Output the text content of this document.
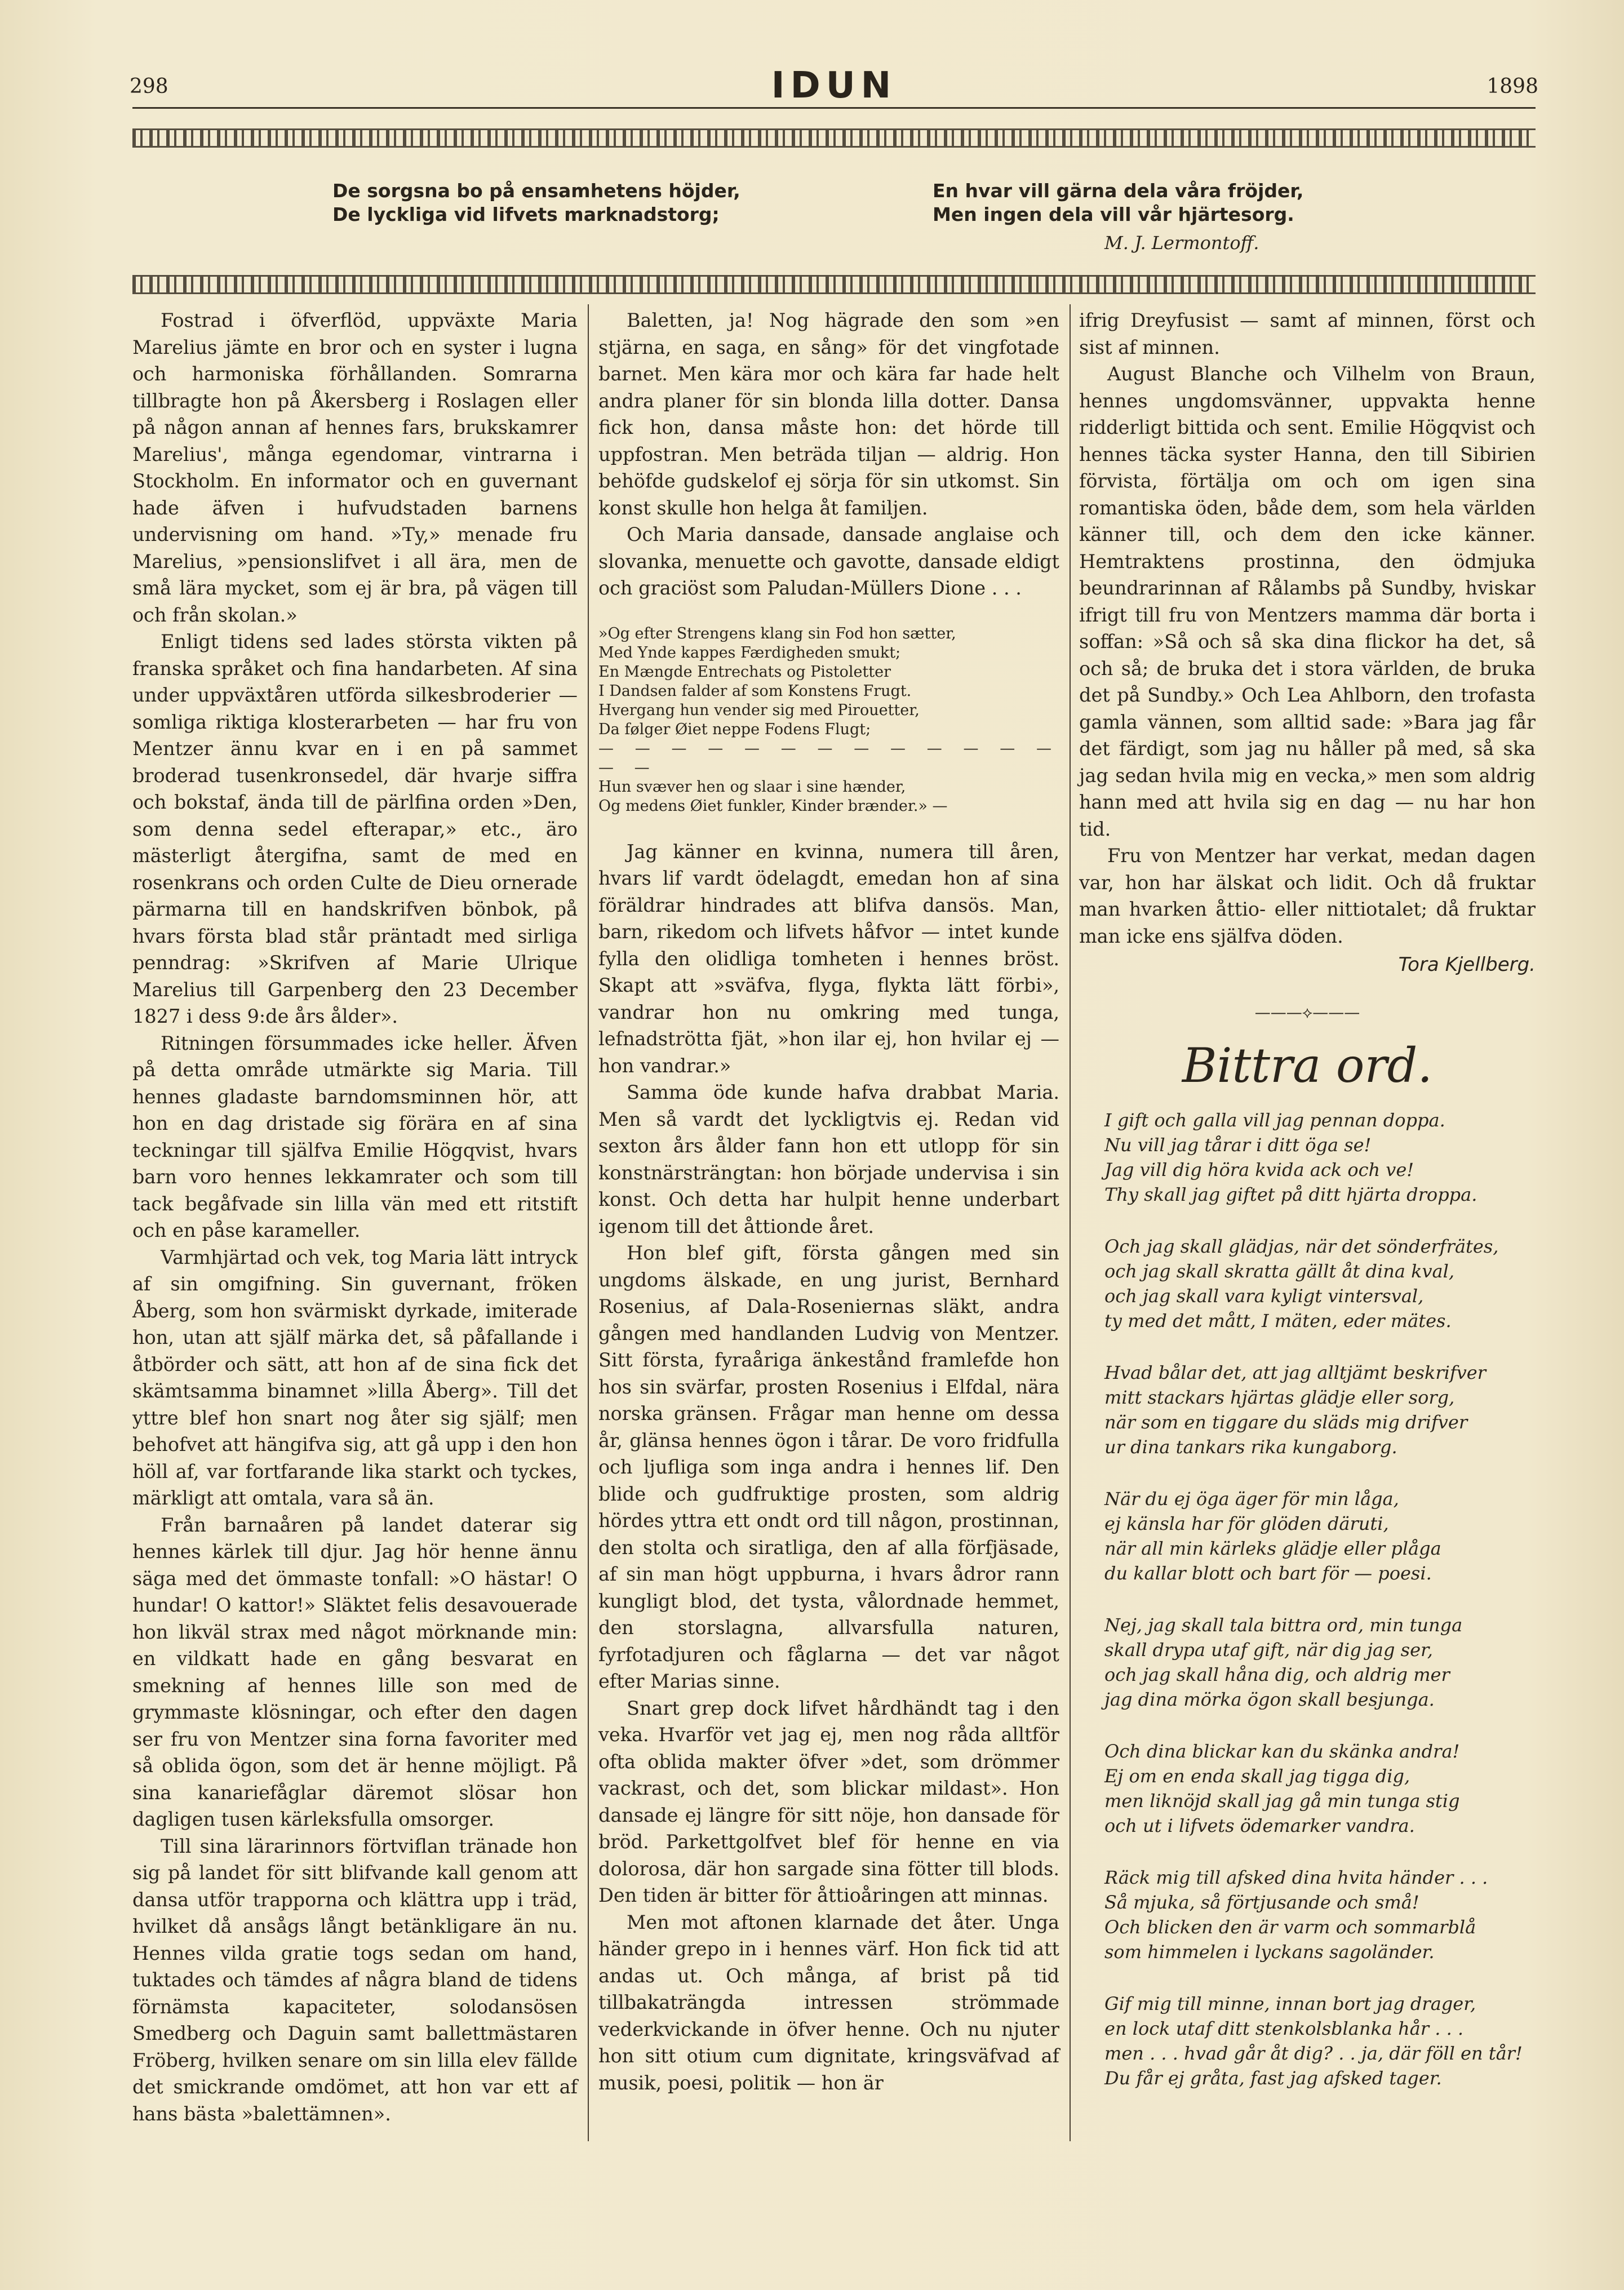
298	IDUN	1898
De sorgsna bo på ensamhetens höjder,
De lyckliga vid lifvets marknadstorg;
En hvar vill gärna dela våra fröjder,
Men ingen dela vill vår hjärtesorg.
M. J. Lermontoff.

Fostrad i öfverflöd, uppväxte Maria Marelius jämte en bror och en syster i lugna och harmoniska förhållanden. Somrarna tillbragte hon på Åkersberg i Roslagen eller på någon annan af hennes fars, brukskamrer Marelius', många egendomar, vintrarna i Stockholm. En informator och en guvernant hade äfven i hufvudstaden barnens undervisning om hand. »Ty,» menade fru Marelius, »pensionslifvet i all ära, men de små lära mycket, som ej är bra, på vägen till och från skolan.»

Enligt tidens sed lades största vikten på franska språket och fina handarbeten. Af sina under uppväxtåren utförda silkesbroderier — somliga riktiga klosterarbeten — har fru von Mentzer ännu kvar en i en på sammet broderad tusenkronsedel, där hvarje siffra och bokstaf, ända till de pärlfina orden »Den, som denna sedel efterapar,» etc., äro mästerligt återgifna, samt de med en rosenkrans och orden Culte de Dieu ornerade pärmarna till en handskrifven bönbok, på hvars första blad står präntadt med sirliga penndrag: »Skrifven af Marie Ulrique Marelius till Garpenberg den 23 December 1827 i dess 9:de års ålder».

Ritningen försummades icke heller. Äfven på detta område utmärkte sig Maria. Till hennes gladaste barndomsminnen hör, att hon en dag dristade sig förära en af sina teckningar till själfva Emilie Högqvist, hvars barn voro hennes lekkamrater och som till tack begåfvade sin lilla vän med ett ritstift och en påse karameller.

Varmhjärtad och vek, tog Maria lätt intryck af sin omgifning. Sin guvernant, fröken Åberg, som hon svärmiskt dyrkade, imiterade hon, utan att själf märka det, så påfallande i åtbörder och sätt, att hon af de sina fick det skämtsamma binamnet »lilla Åberg». Till det yttre blef hon snart nog åter sig själf; men behofvet att hängifva sig, att gå upp i den hon höll af, var fortfarande lika starkt och tyckes, märkligt att omtala, vara så än.

Från barnaåren på landet daterar sig hennes kärlek till djur. Jag hör henne ännu säga med det ömmaste tonfall: »O hästar! O hundar! O kattor!» Släktet felis desavouerade hon likväl strax med något mörknande min: en vildkatt hade en gång besvarat en smekning af hennes lille son med de grymmaste klösningar, och efter den dagen ser fru von Mentzer sina forna favoriter med så oblida ögon, som det är henne möjligt. På sina kanariefåglar däremot slösar hon dagligen tusen kärleksfulla omsorger.

Till sina lärarinnors förtviflan tränade hon sig på landet för sitt blifvande kall genom att dansa utför trapporna och klättra upp i träd, hvilket då ansågs långt betänkligare än nu. Hennes vilda gratie togs sedan om hand, tuktades och tämdes af några bland de tidens förnämsta kapaciteter, solodansösen Smedberg och Daguin samt ballettmästaren Fröberg, hvilken senare om sin lilla elev fällde det smickrande omdömet, att hon var ett af hans bästa »balettämnen».

Baletten, ja! Nog hägrade den som »en stjärna, en saga, en sång» för det vingfotade barnet. Men kära mor och kära far hade helt andra planer för sin blonda lilla dotter. Dansa fick hon, dansa måste hon: det hörde till uppfostran. Men beträda tiljan — aldrig. Hon behöfde gudskelof ej sörja för sin utkomst. Sin konst skulle hon helga åt familjen.

Och Maria dansade, dansade anglaise och slovanka, menuette och gavotte, dansade eldigt och graciöst som Paludan-Müllers Dione . . .

»Og efter Strengens klang sin Fod hon sætter,
Med Ynde kappes Færdigheden smukt;
En Mængde Entrechats og Pistoletter
I Dandsen falder af som Konstens Frugt.
Hvergang hun vender sig med Pirouetter,
Da følger Øiet neppe Fodens Flugt;
— — — — — — — — — — — — — — —
Hun svæver hen og slaar i sine hænder,
Og medens Øiet funkler, Kinder brænder.» —

Jag känner en kvinna, numera till åren, hvars lif vardt ödelagdt, emedan hon af sina föräldrar hindrades att blifva dansös. Man, barn, rikedom och lifvets håfvor — intet kunde fylla den olidliga tomheten i hennes bröst. Skapt att »sväfva, flyga, flykta lätt förbi», vandrar hon nu omkring med tunga, lefnadströtta fjät, »hon ilar ej, hon hvilar ej — hon vandrar.»

Samma öde kunde hafva drabbat Maria. Men så vardt det lyckligtvis ej. Redan vid sexton års ålder fann hon ett utlopp för sin konstnärsträngtan: hon började undervisa i sin konst. Och detta har hulpit henne underbart igenom till det åttionde året.

Hon blef gift, första gången med sin ungdoms älskade, en ung jurist, Bernhard Rosenius, af Dala-Roseniernas släkt, andra gången med handlanden Ludvig von Mentzer. Sitt första, fyraåriga änkestånd framlefde hon hos sin svärfar, prosten Rosenius i Elfdal, nära norska gränsen. Frågar man henne om dessa år, glänsa hennes ögon i tårar. De voro fridfulla och ljufliga som inga andra i hennes lif. Den blide och gudfruktige prosten, som aldrig hördes yttra ett ondt ord till någon, prostinnan, den stolta och siratliga, den af alla förfjäsade, af sin man högt uppburna, i hvars ådror rann kungligt blod, det tysta, vålordnade hemmet, den storslagna, allvarsfulla naturen, fyrfotadjuren och fåglarna — det var något efter Marias sinne.

Snart grep dock lifvet hårdhändt tag i den veka. Hvarför vet jag ej, men nog råda alltför ofta oblida makter öfver »det, som drömmer vackrast, och det, som blickar mildast». Hon dansade ej längre för sitt nöje, hon dansade för bröd. Parkettgolfvet blef för henne en via dolorosa, där hon sargade sina fötter till blods. Den tiden är bitter för åttioåringen att minnas.

Men mot aftonen klarnade det åter. Unga händer grepo in i hennes värf. Hon fick tid att andas ut. Och många, af brist på tid tillbakaträngda intressen strömmade vederkvickande in öfver henne. Och nu njuter hon sitt otium cum dignitate, kringsväfvad af musik, poesi, politik — hon är

ifrig Dreyfusist — samt af minnen, först och sist af minnen.

August Blanche och Vilhelm von Braun, hennes ungdomsvänner, uppvakta henne ridderligt bittida och sent. Emilie Högqvist och hennes täcka syster Hanna, den till Sibirien förvista, förtälja om och om igen sina romantiska öden, både dem, som hela världen känner till, och dem den icke känner. Hemtraktens prostinna, den ödmjuka beundrarinnan af Rålambs på Sundby, hviskar ifrigt till fru von Mentzers mamma där borta i soffan: »Så och så ska dina flickor ha det, så och så; de bruka det i stora världen, de bruka det på Sundby.» Och Lea Ahlborn, den trofasta gamla vännen, som alltid sade: »Bara jag får det färdigt, som jag nu håller på med, så ska jag sedan hvila mig en vecka,» men som aldrig hann med att hvila sig en dag — nu har hon tid.

Fru von Mentzer har verkat, medan dagen var, hon har älskat och lidit. Och då fruktar man hvarken åttio- eller nittiotalet; då fruktar man icke ens själfva döden.

Tora Kjellberg.
———⟡———
Bittra ord.
I gift och galla vill jag pennan doppa.
Nu vill jag tårar i ditt öga se!
Jag vill dig höra kvida ack och ve!
Thy skall jag giftet på ditt hjärta droppa.
Och jag skall glädjas, när det sönderfrätes,
och jag skall skratta gällt åt dina kval,
och jag skall vara kyligt vintersval,
ty med det mått, I mäten, eder mätes.
Hvad bålar det, att jag alltjämt beskrifver
mitt stackars hjärtas glädje eller sorg,
när som en tiggare du släds mig drifver
ur dina tankars rika kungaborg.
När du ej öga äger för min låga,
ej känsla har för glöden däruti,
när all min kärleks glädje eller plåga
du kallar blott och bart för — poesi.
Nej, jag skall tala bittra ord, min tunga
skall drypa utaf gift, när dig jag ser,
och jag skall håna dig, och aldrig mer
jag dina mörka ögon skall besjunga.
Och dina blickar kan du skänka andra!
Ej om en enda skall jag tigga dig,
men liknöjd skall jag gå min tunga stig
och ut i lifvets ödemarker vandra.
Räck mig till afsked dina hvita händer . . .
Så mjuka, så förtjusande och små!
Och blicken den är varm och sommarblå
som himmelen i lyckans sagoländer.
Gif mig till minne, innan bort jag drager,
en lock utaf ditt stenkolsblanka hår . . .
men . . . hvad går åt dig? . . ja, där föll en tår!
Du får ej gråta, fast jag afsked tager.
